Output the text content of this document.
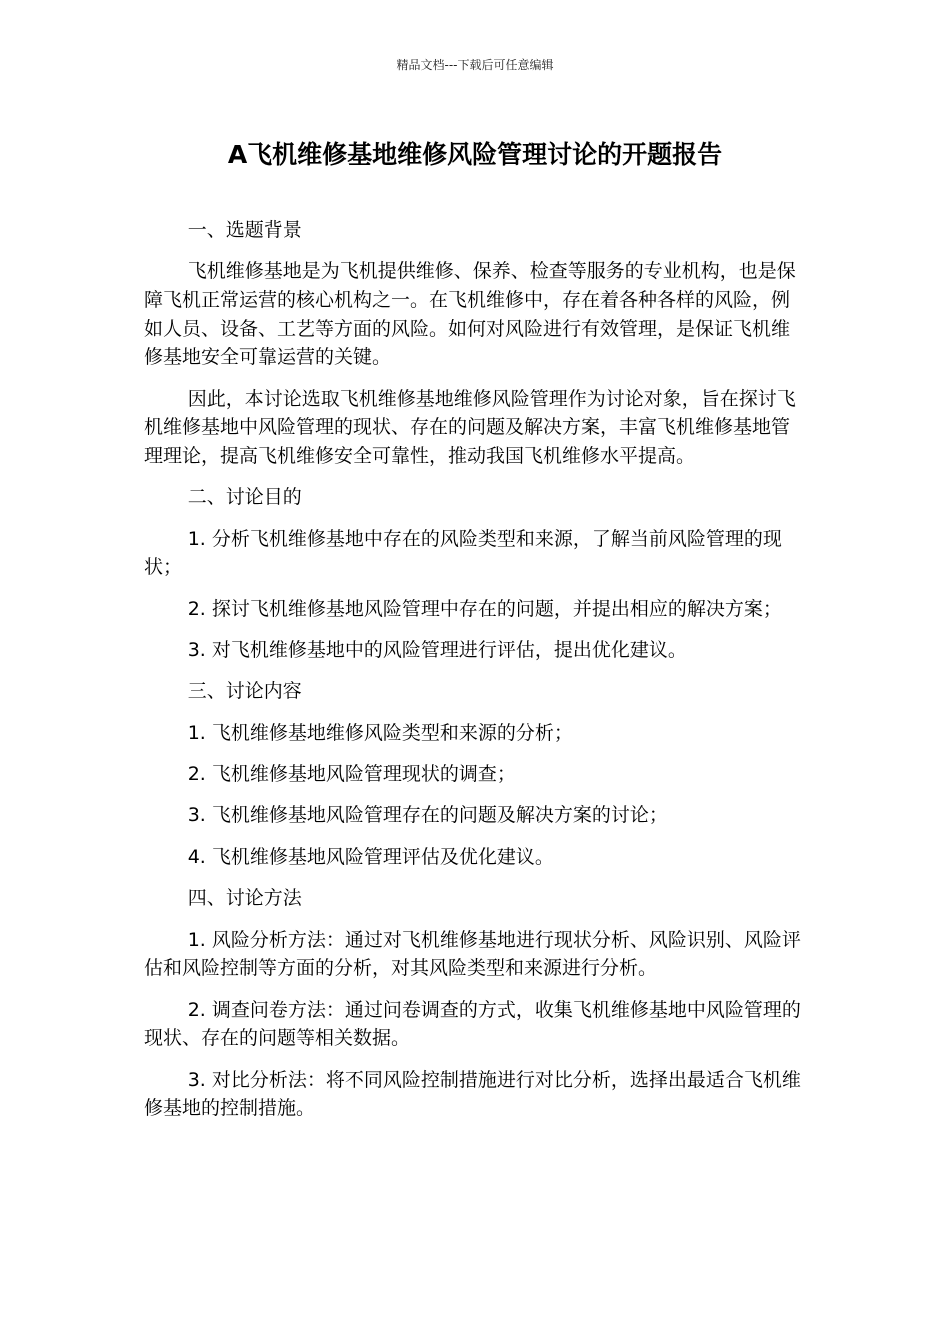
精品文档---下载后可任意编辑
A飞机维修基地维修风险管理讨论的开题报告

一、选题背景

飞机维修基地是为飞机提供维修、保养、检查等服务的专业机构，也是保障飞机正常运营的核心机构之一。在飞机维修中，存在着各种各样的风险，例如人员、设备、工艺等方面的风险。如何对风险进行有效管理，是保证飞机维修基地安全可靠运营的关键。

因此，本讨论选取飞机维修基地维修风险管理作为讨论对象，旨在探讨飞机维修基地中风险管理的现状、存在的问题及解决方案，丰富飞机维修基地管理理论，提高飞机维修安全可靠性，推动我国飞机维修水平提高。

二、讨论目的

1. 分析飞机维修基地中存在的风险类型和来源，了解当前风险管理的现状；

2. 探讨飞机维修基地风险管理中存在的问题，并提出相应的解决方案；

3. 对飞机维修基地中的风险管理进行评估，提出优化建议。

三、讨论内容

1. 飞机维修基地维修风险类型和来源的分析；

2. 飞机维修基地风险管理现状的调查；

3. 飞机维修基地风险管理存在的问题及解决方案的讨论；

4. 飞机维修基地风险管理评估及优化建议。

四、讨论方法

1. 风险分析方法：通过对飞机维修基地进行现状分析、风险识别、风险评估和风险控制等方面的分析，对其风险类型和来源进行分析。

2. 调查问卷方法：通过问卷调查的方式，收集飞机维修基地中风险管理的现状、存在的问题等相关数据。

3. 对比分析法：将不同风险控制措施进行对比分析，选择出最适合飞机维修基地的控制措施。
